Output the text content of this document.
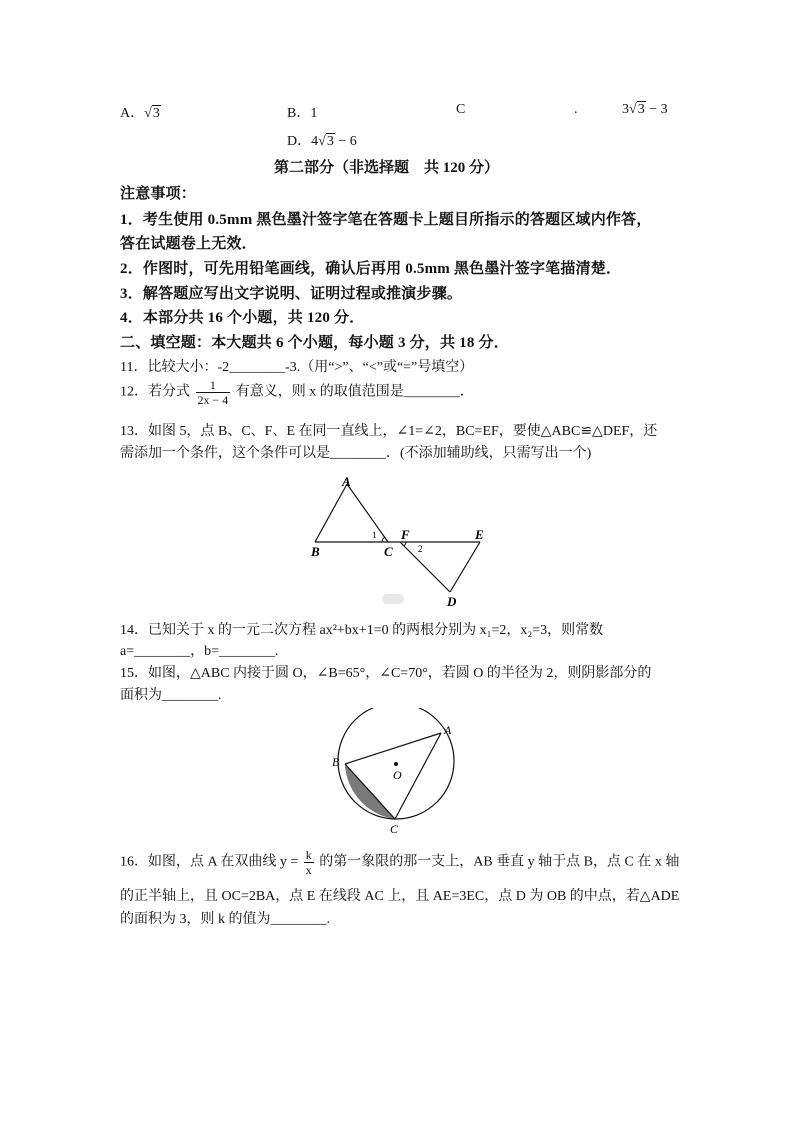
A．√3	B．1	C	.	3√3 − 3
D．4√3 − 6
第二部分（非选择题　共 120 分）
注意事项：
1．考生使用 0.5mm 黑色墨汁签字笔在答题卡上题目所指示的答题区域内作答，
答在试题卷上无效．
2．作图时，可先用铅笔画线，确认后再用 0.5mm 黑色墨汁签字笔描清楚．
3．解答题应写出文字说明、证明过程或推演步骤。
4．本部分共 16 个小题，共 120 分．
二、填空题：本大题共 6 个小题，每小题 3 分，共 18 分．
11．比较大小：-2________-3.（用“>”、“<”或“=”号填空）
12．若分式 $\frac{1}{2x - 4}$ 有意义，则 x 的取值范围是________．
13．如图 5，点 B、C、F、E 在同一直线上，∠1=∠2，BC=EF，要使△ABC≌△DEF，还
需添加一个条件，这个条件可以是________．(不添加辅助线，只需写出一个)
A
B	C
F	E
D
1
2
14．已知关于 x 的一元二次方程 ax²+bx+1=0 的两根分别为 x₁=2，x₂=3，则常数
a=________，b=________.
15．如图，△ABC 内接于圆 O，∠B=65°，∠C=70°，若圆 O 的半径为 2，则阴影部分的
面积为________.
A
B
C
O
16．如图，点 A 在双曲线 $y = \frac{k}{x}$ 的第一象限的那一支上，AB 垂直 y 轴于点 B，点 C 在 x 轴
的正半轴上，且 OC=2BA，点 E 在线段 AC 上，且 AE=3EC，点 D 为 OB 的中点，若△ADE
的面积为 3，则 k 的值为________.
